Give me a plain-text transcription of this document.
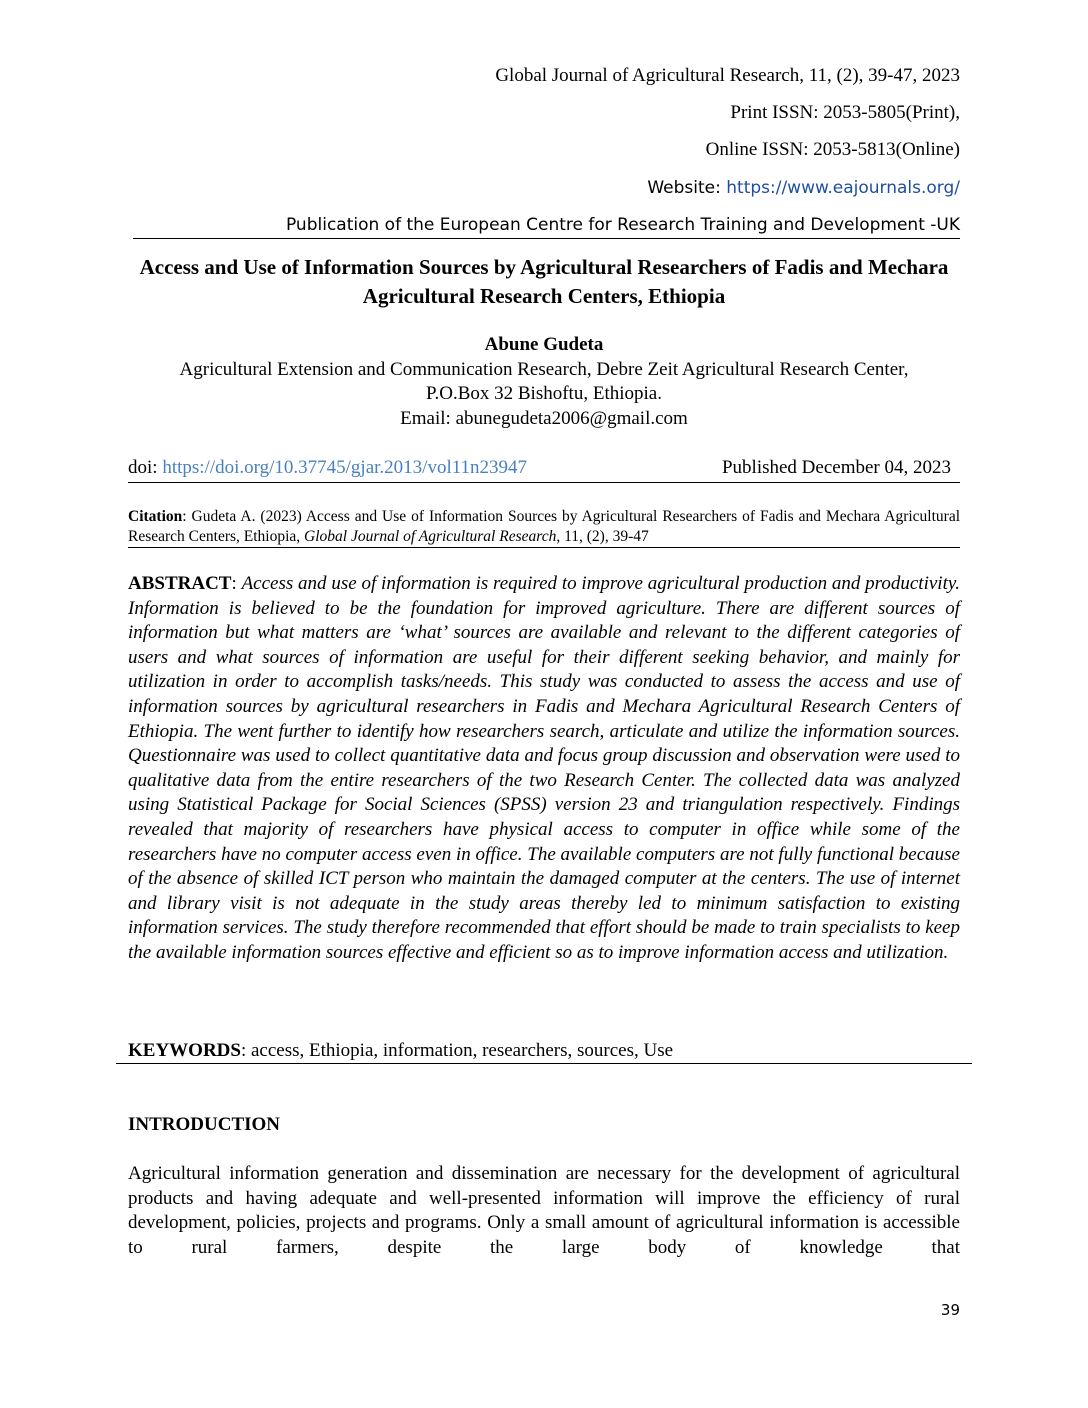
Global Journal of Agricultural Research, 11, (2), 39-47, 2023
Print ISSN: 2053-5805(Print),
Online ISSN: 2053-5813(Online)
Website: https://www.eajournals.org/
Publication of the European Centre for Research Training and Development -UK
Access and Use of Information Sources by Agricultural Researchers of Fadis and Mechara Agricultural Research Centers, Ethiopia
Abune Gudeta
Agricultural Extension and Communication Research, Debre Zeit Agricultural Research Center,
P.O.Box 32 Bishoftu, Ethiopia.
Email: abunegudeta2006@gmail.com
doi: https://doi.org/10.37745/gjar.2013/vol11n23947	Published December 04, 2023
Citation: Gudeta A. (2023) Access and Use of Information Sources by Agricultural Researchers of Fadis and Mechara Agricultural Research Centers, Ethiopia, Global Journal of Agricultural Research, 11, (2), 39-47
ABSTRACT: Access and use of information is required to improve agricultural production and productivity. Information is believed to be the foundation for improved agriculture. There are different sources of information but what matters are ‘what’ sources are available and relevant to the different categories of users and what sources of information are useful for their different seeking behavior, and mainly for utilization in order to accomplish tasks/needs. This study was conducted to assess the access and use of information sources by agricultural researchers in Fadis and Mechara Agricultural Research Centers of Ethiopia. The went further to identify how researchers search, articulate and utilize the information sources. Questionnaire was used to collect quantitative data and focus group discussion and observation were used to qualitative data from the entire researchers of the two Research Center. The collected data was analyzed using Statistical Package for Social Sciences (SPSS) version 23 and triangulation respectively. Findings revealed that majority of researchers have physical access to computer in office while some of the researchers have no computer access even in office. The available computers are not fully functional because of the absence of skilled ICT person who maintain the damaged computer at the centers. The use of internet and library visit is not adequate in the study areas thereby led to minimum satisfaction to existing information services. The study therefore recommended that effort should be made to train specialists to keep the available information sources effective and efficient so as to improve information access and utilization.
KEYWORDS: access, Ethiopia, information, researchers, sources, Use
INTRODUCTION
Agricultural information generation and dissemination are necessary for the development of agricultural products and having adequate and well-presented information will improve the efficiency of rural development, policies, projects and programs. Only a small amount of agricultural information is accessible to rural farmers, despite the large body of knowledge that
39
